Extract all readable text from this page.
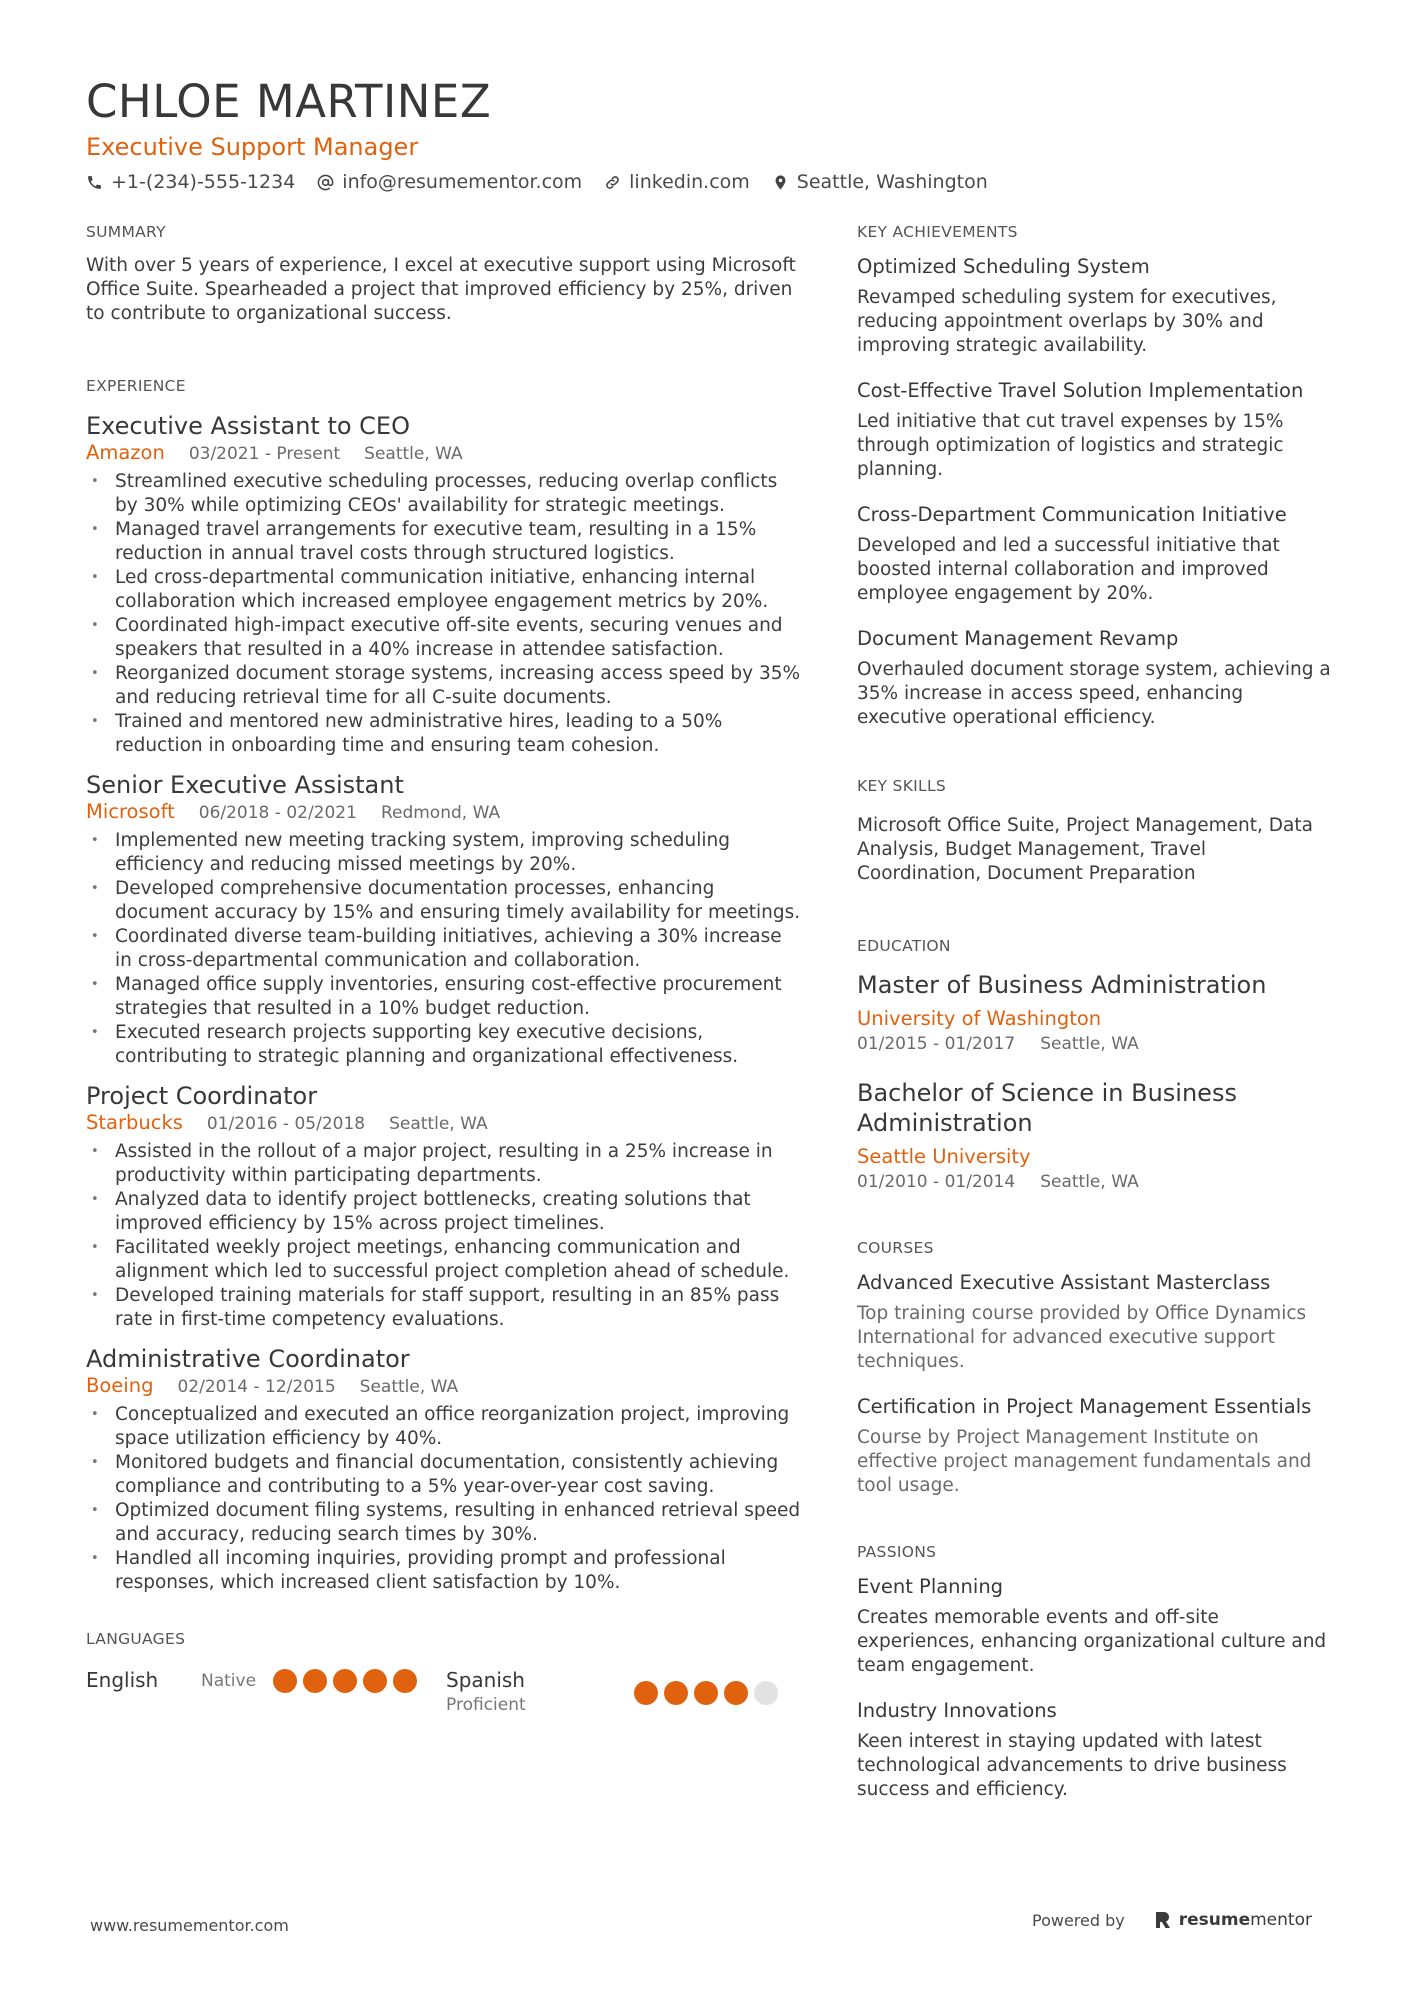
CHLOE MARTINEZ
Executive Support Manager
+1-(234)-555-1234 info@resumementor.com linkedin.com Seattle, Washington
SUMMARY
With over 5 years of experience, I excel at executive support using Microsoft Office Suite. Spearheaded a project that improved efficiency by 25%, driven to contribute to organizational success.
EXPERIENCE
Executive Assistant to CEO
Amazon 03/2021 - Present Seattle, WA
• Streamlined executive scheduling processes, reducing overlap conflicts by 30% while optimizing CEOs' availability for strategic meetings.
• Managed travel arrangements for executive team, resulting in a 15% reduction in annual travel costs through structured logistics.
• Led cross-departmental communication initiative, enhancing internal collaboration which increased employee engagement metrics by 20%.
• Coordinated high-impact executive off-site events, securing venues and speakers that resulted in a 40% increase in attendee satisfaction.
• Reorganized document storage systems, increasing access speed by 35% and reducing retrieval time for all C-suite documents.
• Trained and mentored new administrative hires, leading to a 50% reduction in onboarding time and ensuring team cohesion.
Senior Executive Assistant
Microsoft 06/2018 - 02/2021 Redmond, WA
• Implemented new meeting tracking system, improving scheduling efficiency and reducing missed meetings by 20%.
• Developed comprehensive documentation processes, enhancing document accuracy by 15% and ensuring timely availability for meetings.
• Coordinated diverse team-building initiatives, achieving a 30% increase in cross-departmental communication and collaboration.
• Managed office supply inventories, ensuring cost-effective procurement strategies that resulted in a 10% budget reduction.
• Executed research projects supporting key executive decisions, contributing to strategic planning and organizational effectiveness.
Project Coordinator
Starbucks 01/2016 - 05/2018 Seattle, WA
• Assisted in the rollout of a major project, resulting in a 25% increase in productivity within participating departments.
• Analyzed data to identify project bottlenecks, creating solutions that improved efficiency by 15% across project timelines.
• Facilitated weekly project meetings, enhancing communication and alignment which led to successful project completion ahead of schedule.
• Developed training materials for staff support, resulting in an 85% pass rate in first-time competency evaluations.
Administrative Coordinator
Boeing 02/2014 - 12/2015 Seattle, WA
• Conceptualized and executed an office reorganization project, improving space utilization efficiency by 40%.
• Monitored budgets and financial documentation, consistently achieving compliance and contributing to a 5% year-over-year cost saving.
• Optimized document filing systems, resulting in enhanced retrieval speed and accuracy, reducing search times by 30%.
• Handled all incoming inquiries, providing prompt and professional responses, which increased client satisfaction by 10%.
LANGUAGES
English	Native	Spanish
Proficient
KEY ACHIEVEMENTS
Optimized Scheduling System
Revamped scheduling system for executives, reducing appointment overlaps by 30% and improving strategic availability.
Cost-Effective Travel Solution Implementation
Led initiative that cut travel expenses by 15% through optimization of logistics and strategic planning.
Cross-Department Communication Initiative
Developed and led a successful initiative that boosted internal collaboration and improved employee engagement by 20%.
Document Management Revamp
Overhauled document storage system, achieving a 35% increase in access speed, enhancing executive operational efficiency.
KEY SKILLS
Microsoft Office Suite, Project Management, Data Analysis, Budget Management, Travel Coordination, Document Preparation
EDUCATION
Master of Business Administration
University of Washington
01/2015 - 01/2017 Seattle, WA
Bachelor of Science in Business Administration
Seattle University
01/2010 - 01/2014 Seattle, WA
COURSES
Advanced Executive Assistant Masterclass
Top training course provided by Office Dynamics International for advanced executive support techniques.
Certification in Project Management Essentials
Course by Project Management Institute on effective project management fundamentals and tool usage.
PASSIONS
Event Planning
Creates memorable events and off-site experiences, enhancing organizational culture and team engagement.
Industry Innovations
Keen interest in staying updated with latest technological advancements to drive business success and efficiency.
www.resumementor.com	Powered by	resumementor
